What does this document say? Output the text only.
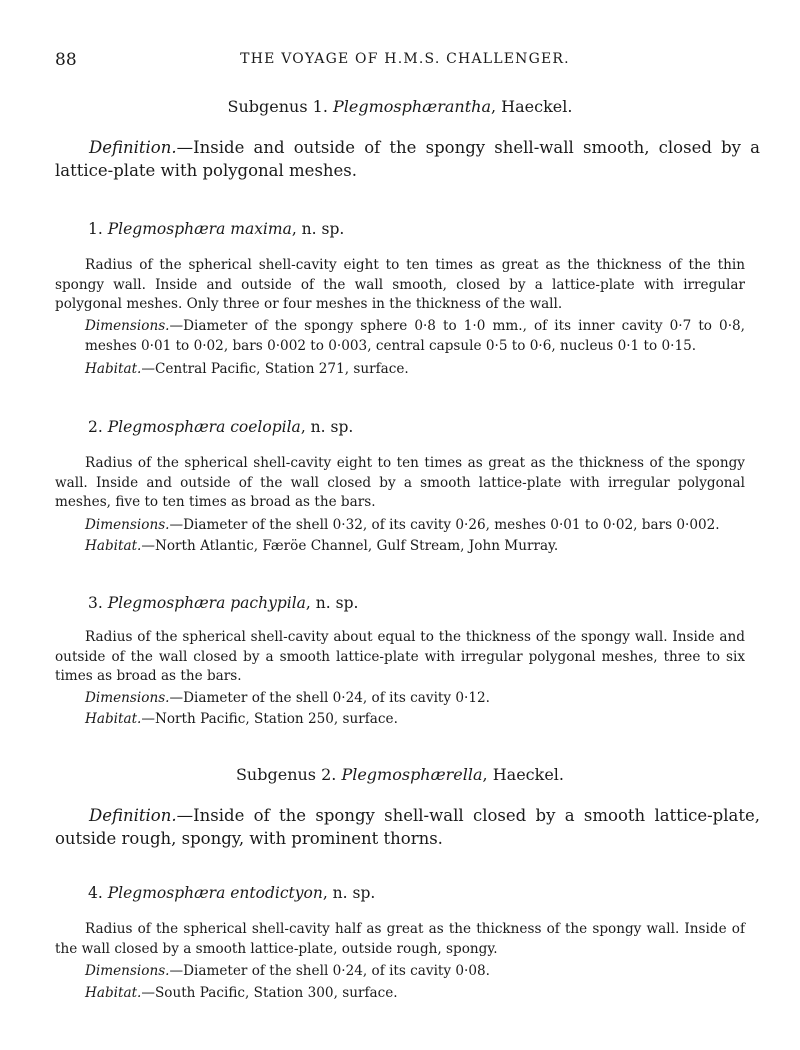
88	THE VOYAGE OF H.M.S. CHALLENGER.
Subgenus 1. Plegmosphærantha, Haeckel.
Definition.—Inside and outside of the spongy shell-wall smooth, closed by a lattice-plate with polygonal meshes.
1. Plegmosphæra maxima, n. sp.
Radius of the spherical shell-cavity eight to ten times as great as the thickness of the thin spongy wall. Inside and outside of the wall smooth, closed by a lattice-plate with irregular polygonal meshes. Only three or four meshes in the thickness of the wall.
Dimensions.—Diameter of the spongy sphere 0·8 to 1·0 mm., of its inner cavity 0·7 to 0·8, meshes 0·01 to 0·02, bars 0·002 to 0·003, central capsule 0·5 to 0·6, nucleus 0·1 to 0·15.
Habitat.—Central Pacific, Station 271, surface.
2. Plegmosphæra coelopila, n. sp.
Radius of the spherical shell-cavity eight to ten times as great as the thickness of the spongy wall. Inside and outside of the wall closed by a smooth lattice-plate with irregular polygonal meshes, five to ten times as broad as the bars.
Dimensions.—Diameter of the shell 0·32, of its cavity 0·26, meshes 0·01 to 0·02, bars 0·002.
Habitat.—North Atlantic, Færöe Channel, Gulf Stream, John Murray.
3. Plegmosphæra pachypila, n. sp.
Radius of the spherical shell-cavity about equal to the thickness of the spongy wall. Inside and outside of the wall closed by a smooth lattice-plate with irregular polygonal meshes, three to six times as broad as the bars.
Dimensions.—Diameter of the shell 0·24, of its cavity 0·12.
Habitat.—North Pacific, Station 250, surface.
Subgenus 2. Plegmosphærella, Haeckel.
Definition.—Inside of the spongy shell-wall closed by a smooth lattice-plate, outside rough, spongy, with prominent thorns.
4. Plegmosphæra entodictyon, n. sp.
Radius of the spherical shell-cavity half as great as the thickness of the spongy wall. Inside of the wall closed by a smooth lattice-plate, outside rough, spongy.
Dimensions.—Diameter of the shell 0·24, of its cavity 0·08.
Habitat.—South Pacific, Station 300, surface.
